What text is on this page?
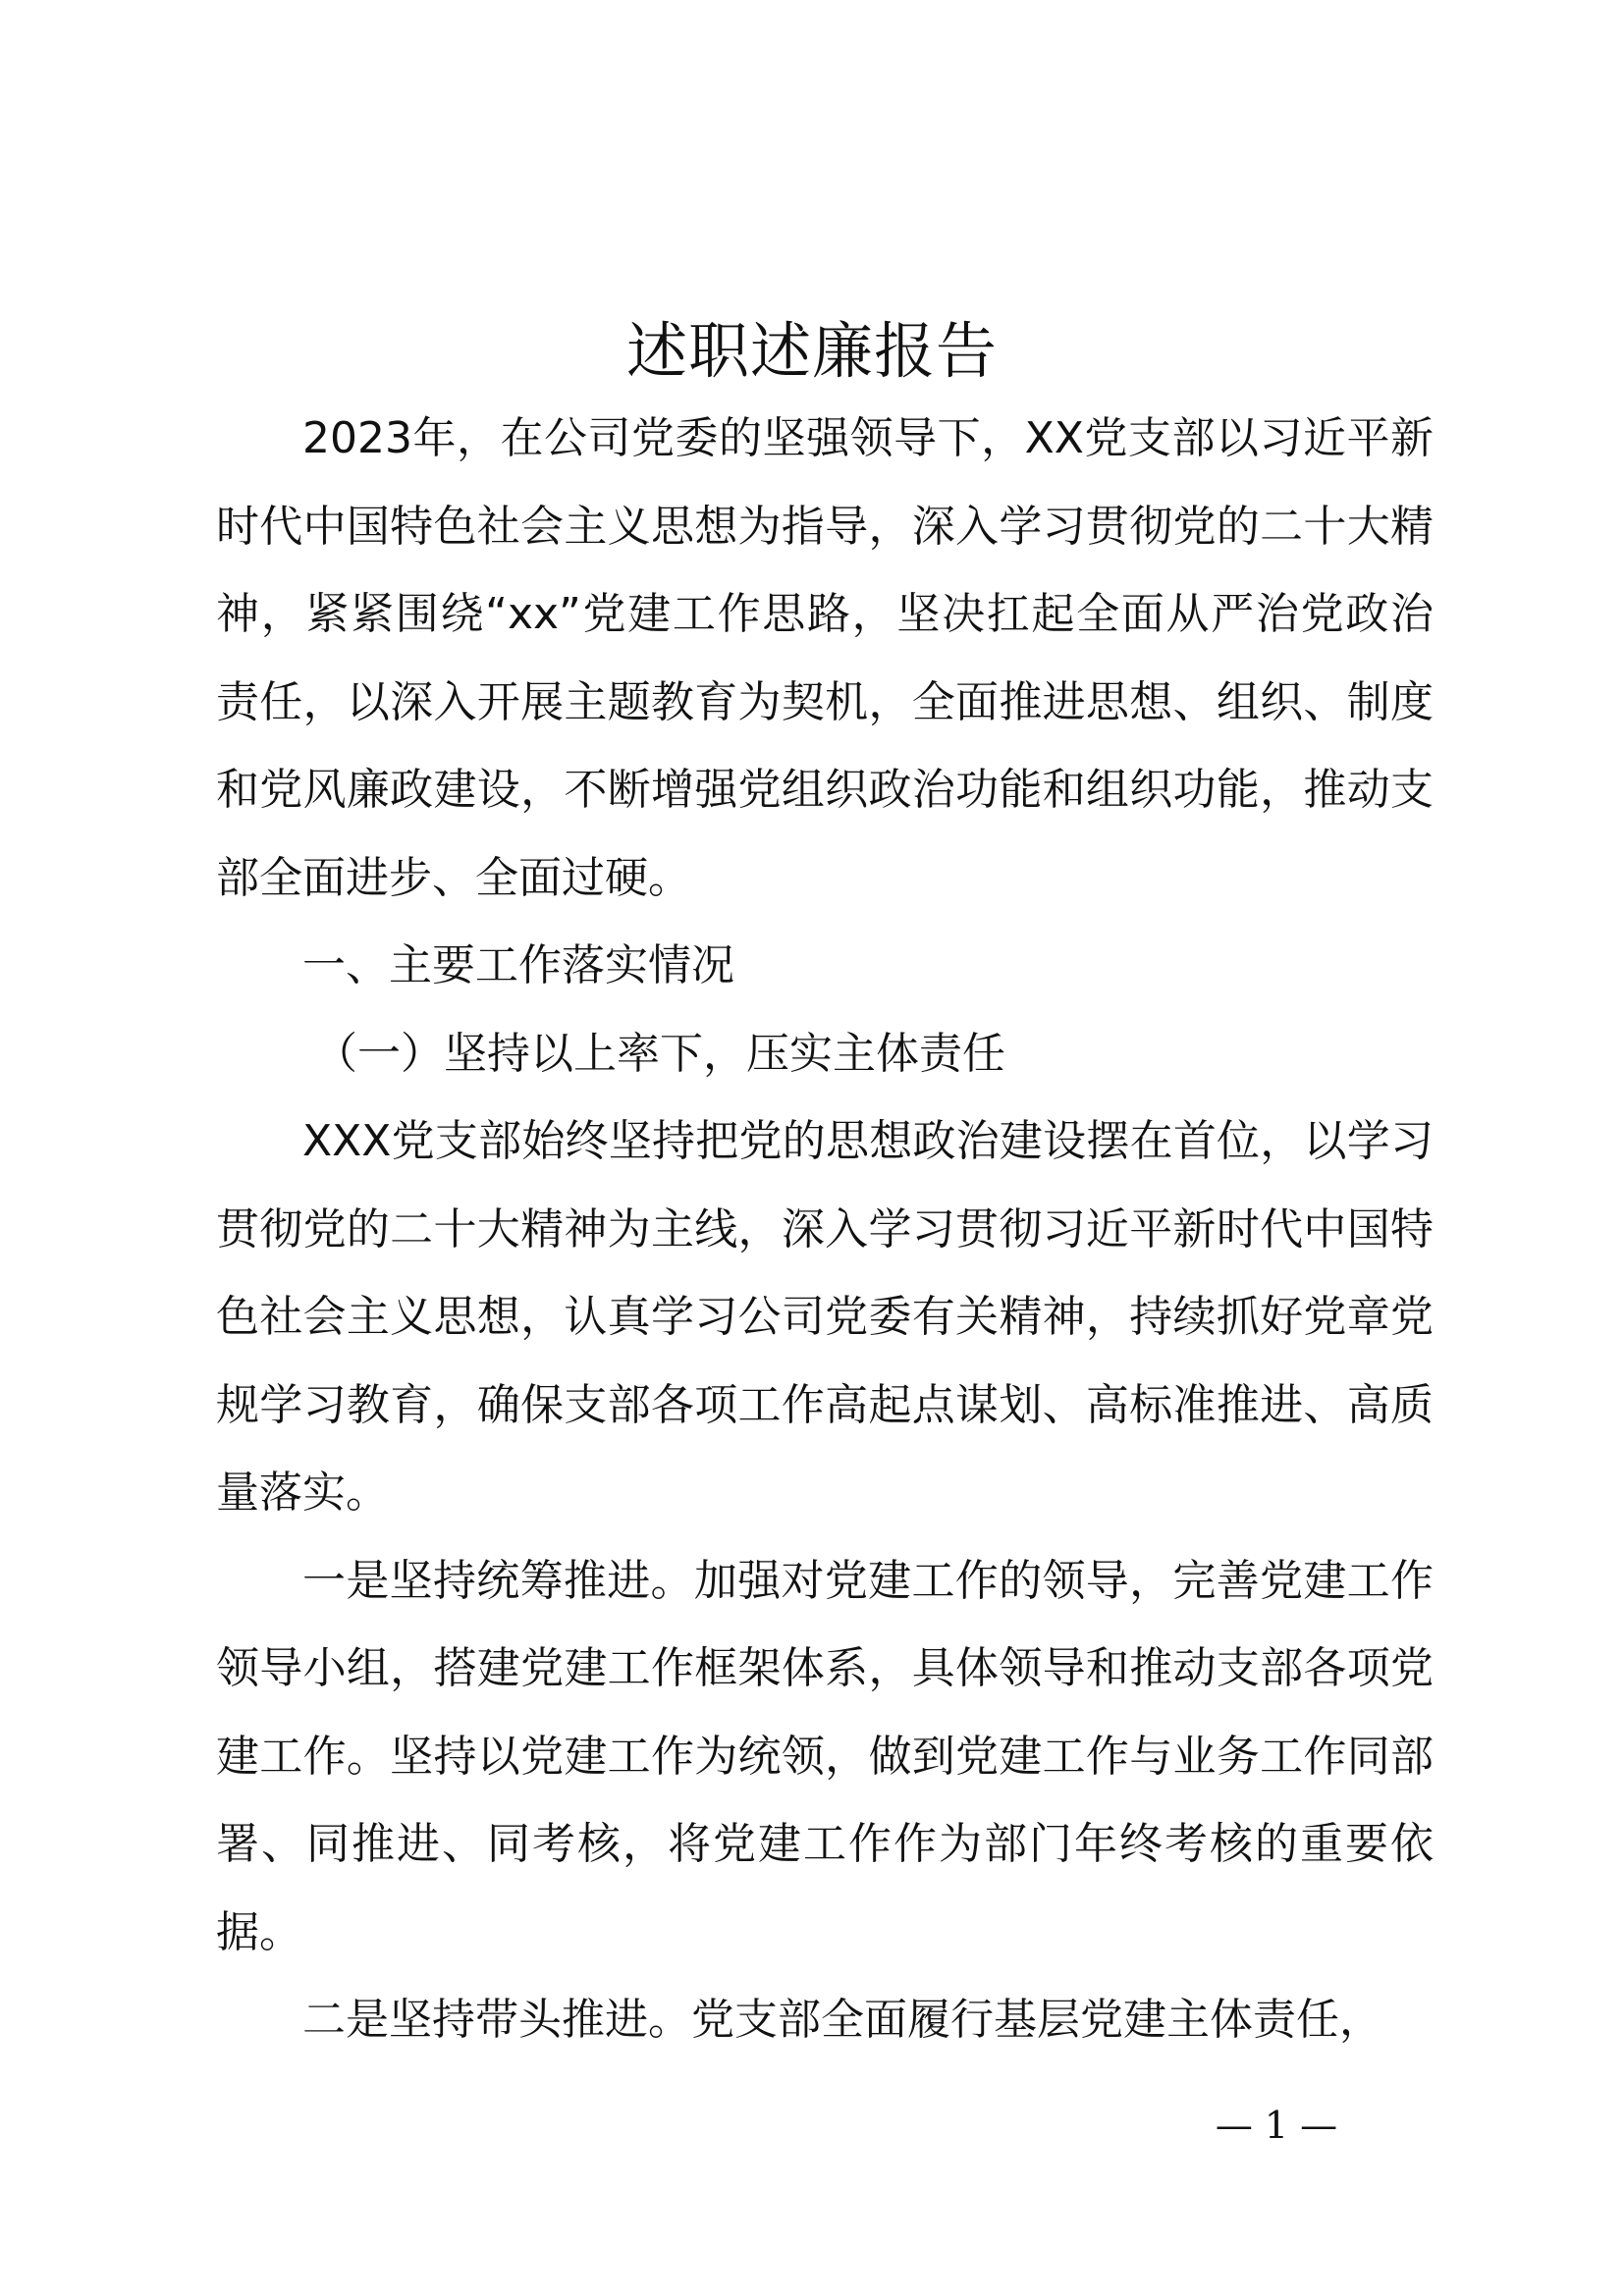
述职述廉报告

2023年，在公司党委的坚强领导下，XX党支部以习近平新时代中国特色社会主义思想为指导，深入学习贯彻党的二十大精神，紧紧围绕“xx”党建工作思路，坚决扛起全面从严治党政治责任，以深入开展主题教育为契机，全面推进思想、组织、制度和党风廉政建设，不断增强党组织政治功能和组织功能，推动支部全面进步、全面过硬。

一、主要工作落实情况

（一）坚持以上率下，压实主体责任

XXX党支部始终坚持把党的思想政治建设摆在首位，以学习贯彻党的二十大精神为主线，深入学习贯彻习近平新时代中国特色社会主义思想，认真学习公司党委有关精神，持续抓好党章党规学习教育，确保支部各项工作高起点谋划、高标准推进、高质量落实。

一是坚持统筹推进。加强对党建工作的领导，完善党建工作领导小组，搭建党建工作框架体系，具体领导和推动支部各项党建工作。坚持以党建工作为统领，做到党建工作与业务工作同部署、同推进、同考核，将党建工作作为部门年终考核的重要依据。

二是坚持带头推进。党支部全面履行基层党建主体责任，

— 1 —
